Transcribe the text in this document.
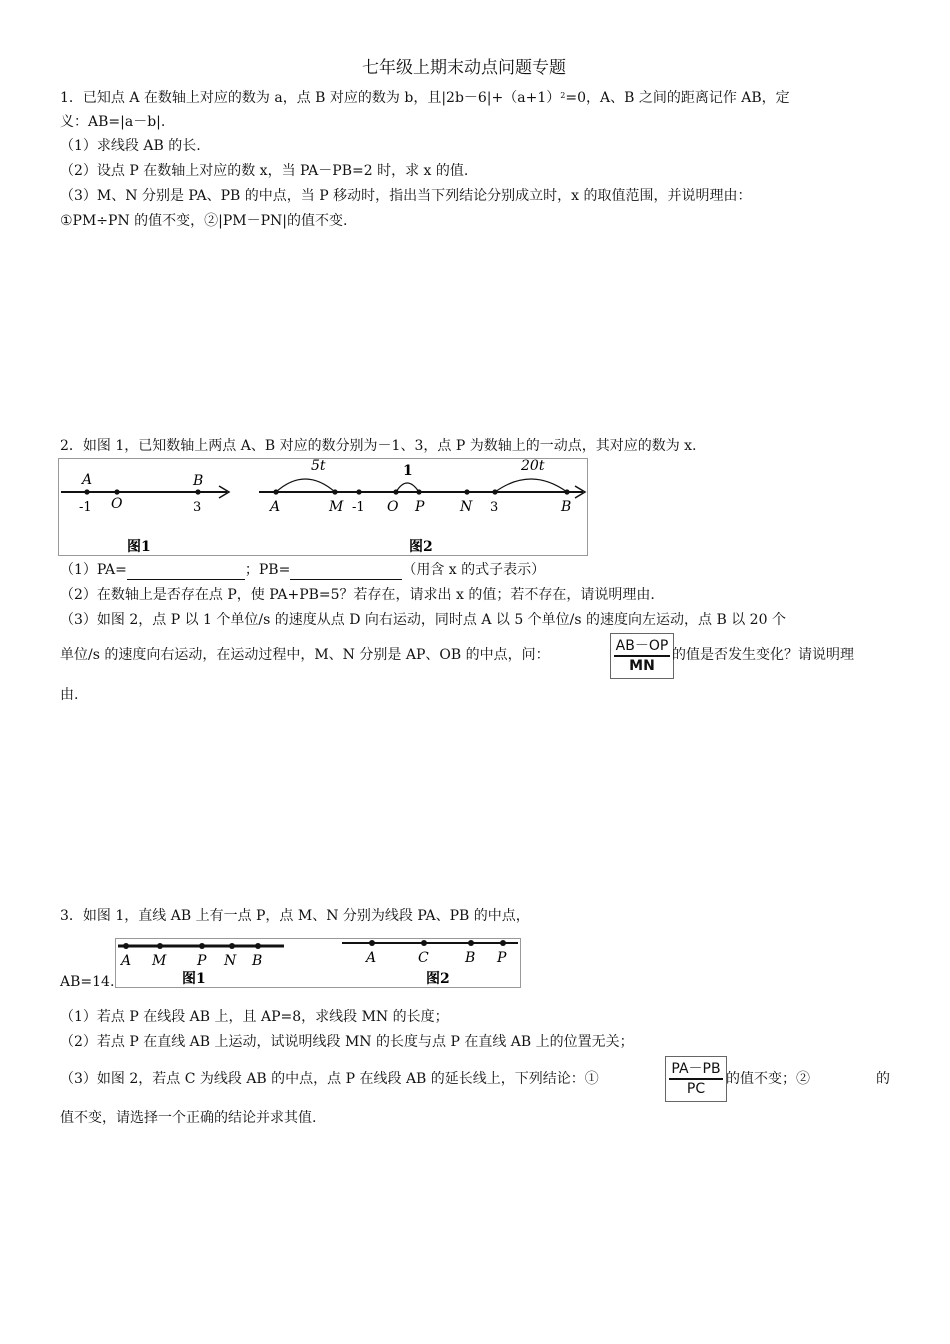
七年级上期末动点问题专题
1．已知点 A 在数轴上对应的数为 a，点 B 对应的数为 b，且$|2b-6|+(a+1)^2=0$，A、B 之间的距离记作 AB，定
义：AB=|a－b|.
（1）求线段 AB 的长.
（2）设点 P 在数轴上对应的数 x，当 PA－PB=2 时，求 x 的值.
（3）M、N 分别是 PA、PB 的中点，当 P 移动时，指出当下列结论分别成立时，x 的取值范围，并说明理由：
①PM÷PN 的值不变，②|PM－PN|的值不变.
2．如图 1，已知数轴上两点 A、B 对应的数分别为－1、3，点 P 为数轴上的一动点，其对应的数为 x.
A
O
B
-1	3
图1
5t	1	20t
A	M -1 O P	N 3	B
图2
（1）PA=	；PB=	（用含 x 的式子表示）
（2）在数轴上是否存在点 P，使 PA+PB=5？若存在，请求出 x 的值；若不存在，请说明理由.
（3）如图 2，点 P 以 1 个单位/s 的速度从点 D 向右运动，同时点 A 以 5 个单位/s 的速度向左运动，点 B 以 20 个
单位/s 的速度向右运动，在运动过程中，M、N 分别是 AP、OB 的中点，问：
AB－OP
MN
的值是否发生变化？请说明理
由.
3．如图 1，直线 AB 上有一点 P，点 M、N 分别为线段 PA、PB 的中点，
A M P N B
图1
A	C	B P
图2
AB=14.
（1）若点 P 在线段 AB 上，且 AP=8，求线段 MN 的长度；
（2）若点 P 在直线 AB 上运动，试说明线段 MN 的长度与点 P 在直线 AB 上的位置无关；
（3）如图 2，若点 C 为线段 AB 的中点，点 P 在线段 AB 的延长线上，下列结论：①
PA－PB
PC
的值不变；②	的
值不变，请选择一个正确的结论并求其值.
